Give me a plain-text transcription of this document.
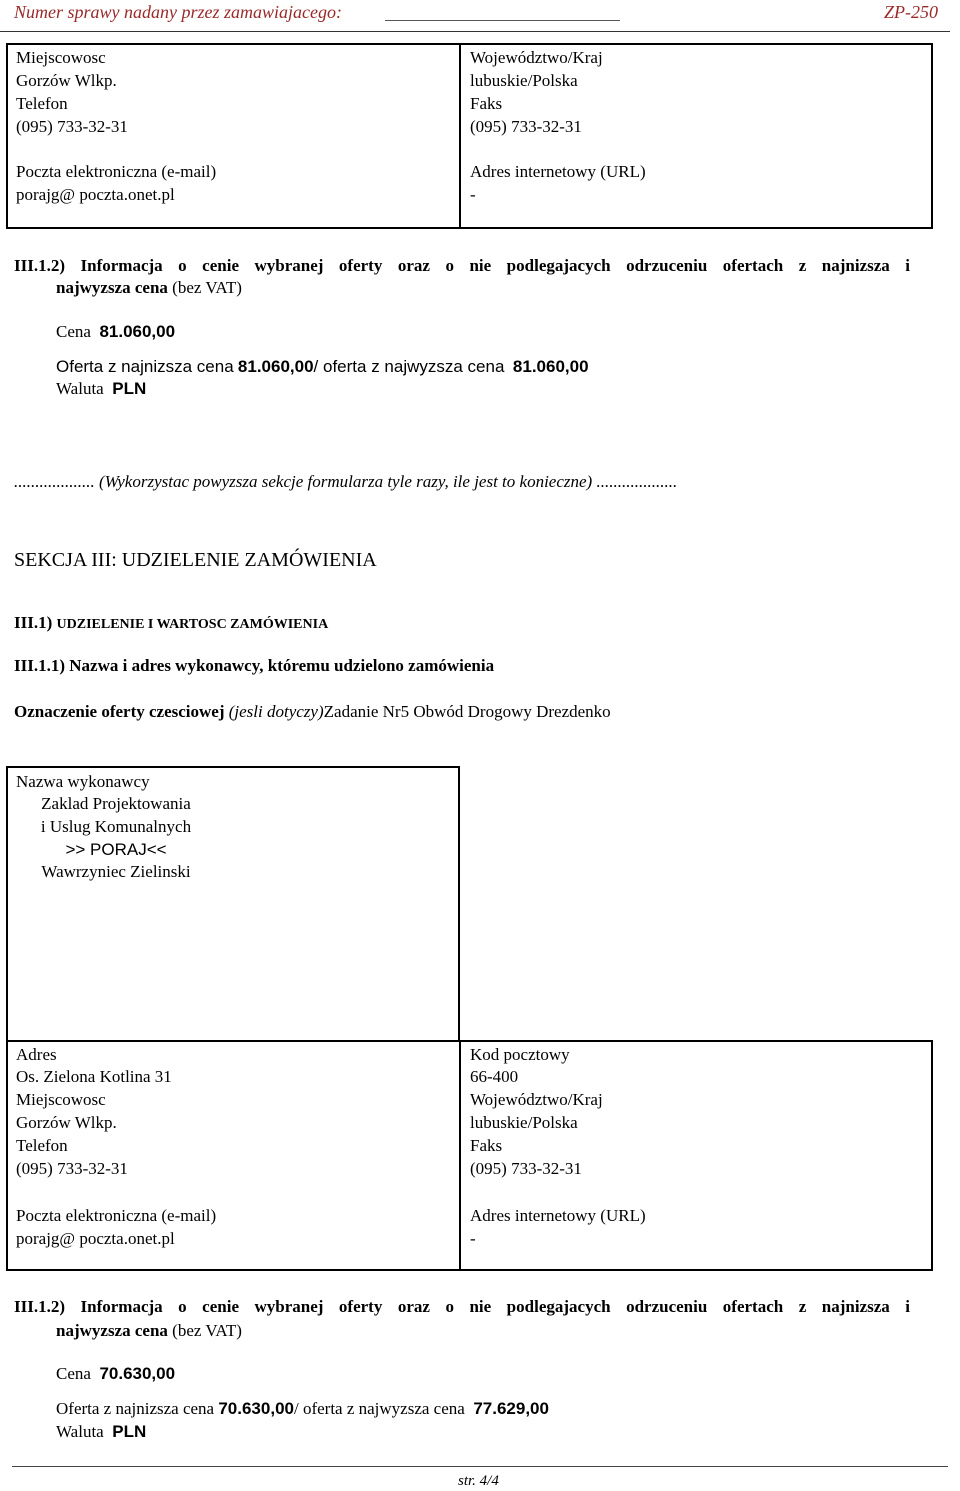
Numer sprawy nadany przez zamawiajacego:	ZP-250
Miejscowosc
Gorzów Wlkp.
Telefon
(095) 733-32-31
Poczta elektroniczna (e-mail)
porajg@ poczta.onet.pl
Województwo/Kraj
lubuskie/Polska
Faks
(095) 733-32-31
Adres internetowy (URL)
-
III.1.2) Informacja o cenie wybranej oferty oraz o nie podlegajacych odrzuceniu ofertach z najnizsza i
najwyzsza cena (bez VAT)
Cena 81.060,00
Oferta z najnizsza cena 81.060,00/ oferta z najwyzsza cena 81.060,00
Waluta PLN
................... (Wykorzystac powyzsza sekcje formularza tyle razy, ile jest to konieczne) ...................
SEKCJA III: UDZIELENIE ZAMÓWIENIA
III.1) UDZIELENIE I WARTOSC ZAMÓWIENIA
III.1.1) Nazwa i adres wykonawcy, któremu udzielono zamówienia
Oznaczenie oferty czesciowej (jesli dotyczy)Zadanie Nr5 Obwód Drogowy Drezdenko
Nazwa wykonawcy
Zaklad Projektowania
i Uslug Komunalnych
>> PORAJ<<
Wawrzyniec Zielinski
Adres
Os. Zielona Kotlina 31
Miejscowosc
Gorzów Wlkp.
Telefon
(095) 733-32-31
Poczta elektroniczna (e-mail)
porajg@ poczta.onet.pl
Kod pocztowy
66-400
Województwo/Kraj
lubuskie/Polska
Faks
(095) 733-32-31
Adres internetowy (URL)
-
III.1.2) Informacja o cenie wybranej oferty oraz o nie podlegajacych odrzuceniu ofertach z najnizsza i
najwyzsza cena (bez VAT)
Cena 70.630,00
Oferta z najnizsza cena 70.630,00/ oferta z najwyzsza cena 77.629,00
Waluta PLN
str. 4/4
